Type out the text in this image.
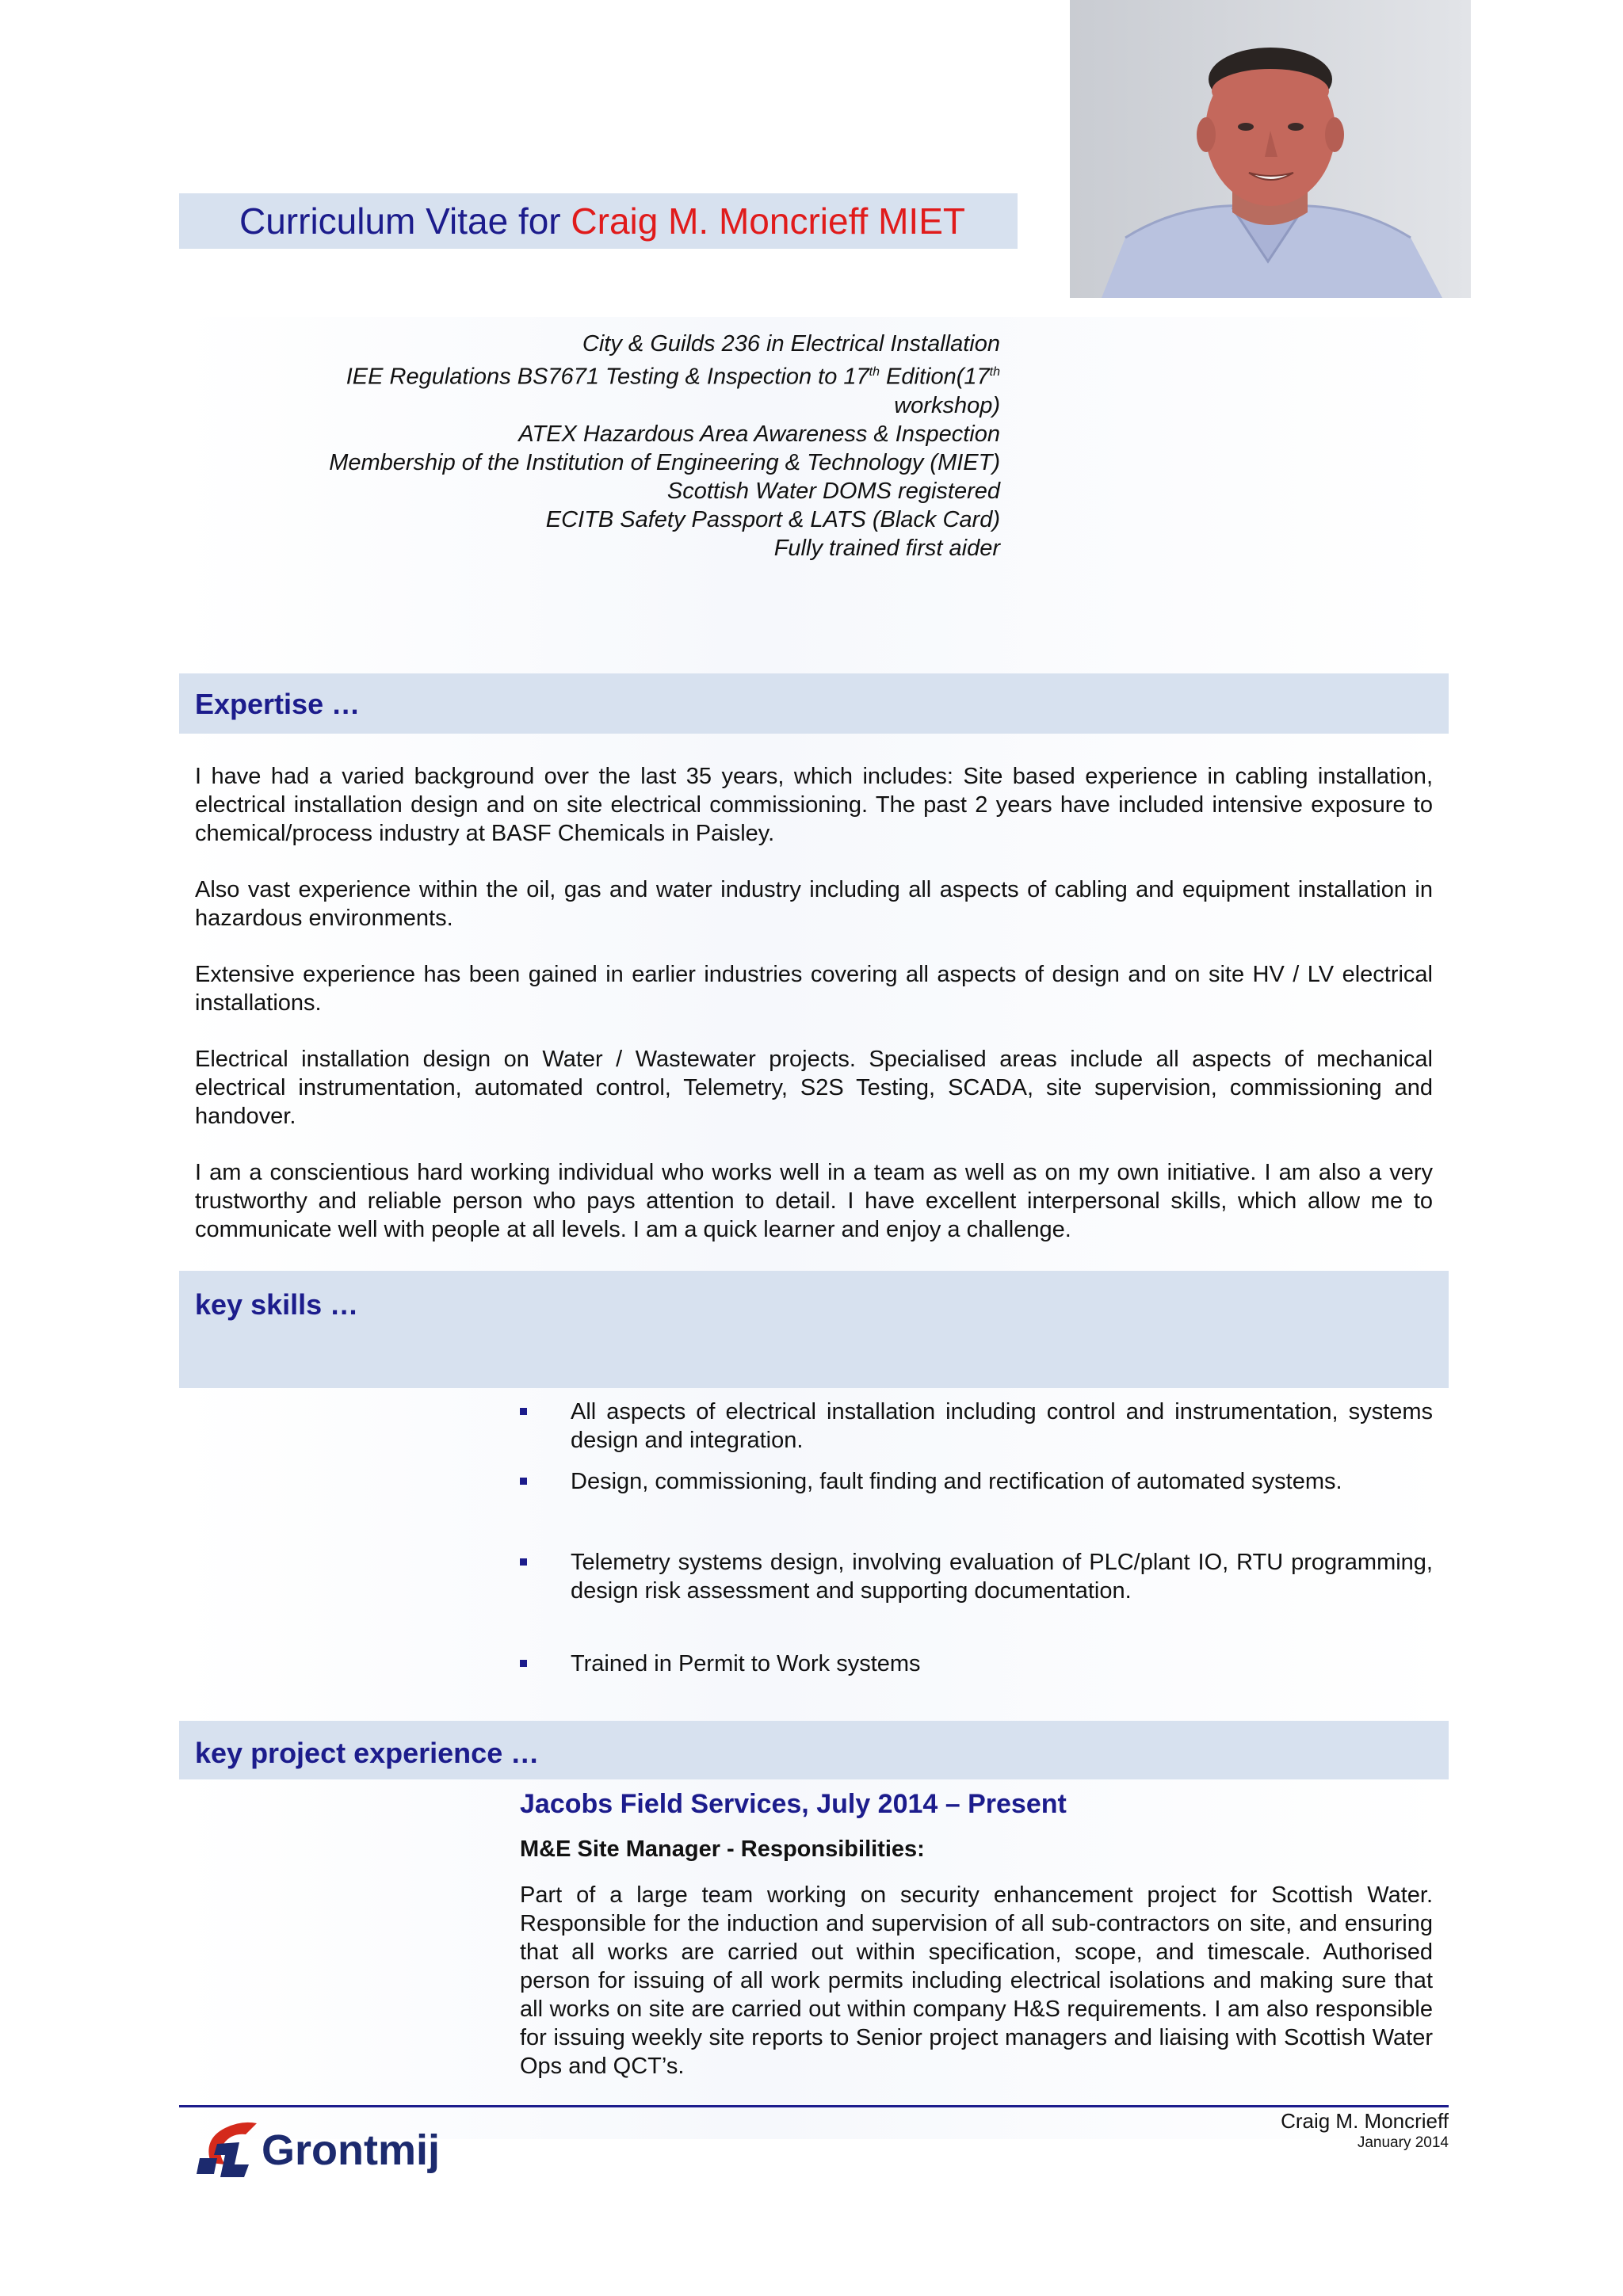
Curriculum Vitae for Craig M. Moncrieff MIET
City & Guilds 236 in Electrical Installation
IEE Regulations BS7671 Testing & Inspection to 17th Edition(17th
workshop)
ATEX Hazardous Area Awareness & Inspection
Membership of the Institution of Engineering & Technology (MIET)
Scottish Water DOMS registered
ECITB Safety Passport & LATS (Black Card)
Fully trained first aider
Expertise …

I have had a varied background over the last 35 years, which includes: Site based experience in cabling installation, electrical installation design and on site electrical commissioning. The past 2 years have included intensive exposure to chemical/process industry at BASF Chemicals in Paisley.

Also vast experience within the oil, gas and water industry including all aspects of cabling and equipment installation in hazardous environments.

Extensive experience has been gained in earlier industries covering all aspects of design and on site HV / LV electrical installations.

Electrical installation design on Water / Wastewater projects. Specialised areas include all aspects of mechanical electrical instrumentation, automated control, Telemetry, S2S Testing, SCADA, site supervision, commissioning and handover.

I am a conscientious hard working individual who works well in a team as well as on my own initiative. I am also a very trustworthy and reliable person who pays attention to detail. I have excellent interpersonal skills, which allow me to communicate well with people at all levels. I am a quick learner and enjoy a challenge.

key skills …
All aspects of electrical installation including control and instrumentation, systems design and integration.
Design, commissioning, fault finding and rectification of automated systems.
Telemetry systems design, involving evaluation of PLC/plant IO, RTU programming, design risk assessment and supporting documentation.
Trained in Permit to Work systems
key project experience …
Jacobs Field Services, July 2014 – Present
M&E Site Manager - Responsibilities:
Part of a large team working on security enhancement project for Scottish Water. Responsible for the induction and supervision of all sub-contractors on site, and ensuring that all works are carried out within specification, scope, and timescale. Authorised person for issuing of all work permits including electrical isolations and making sure that all works on site are carried out within company H&S requirements. I am also responsible for issuing weekly site reports to Senior project managers and liaising with Scottish Water Ops and QCT’s.
Grontmij
Craig M. Moncrieff
January 2014
